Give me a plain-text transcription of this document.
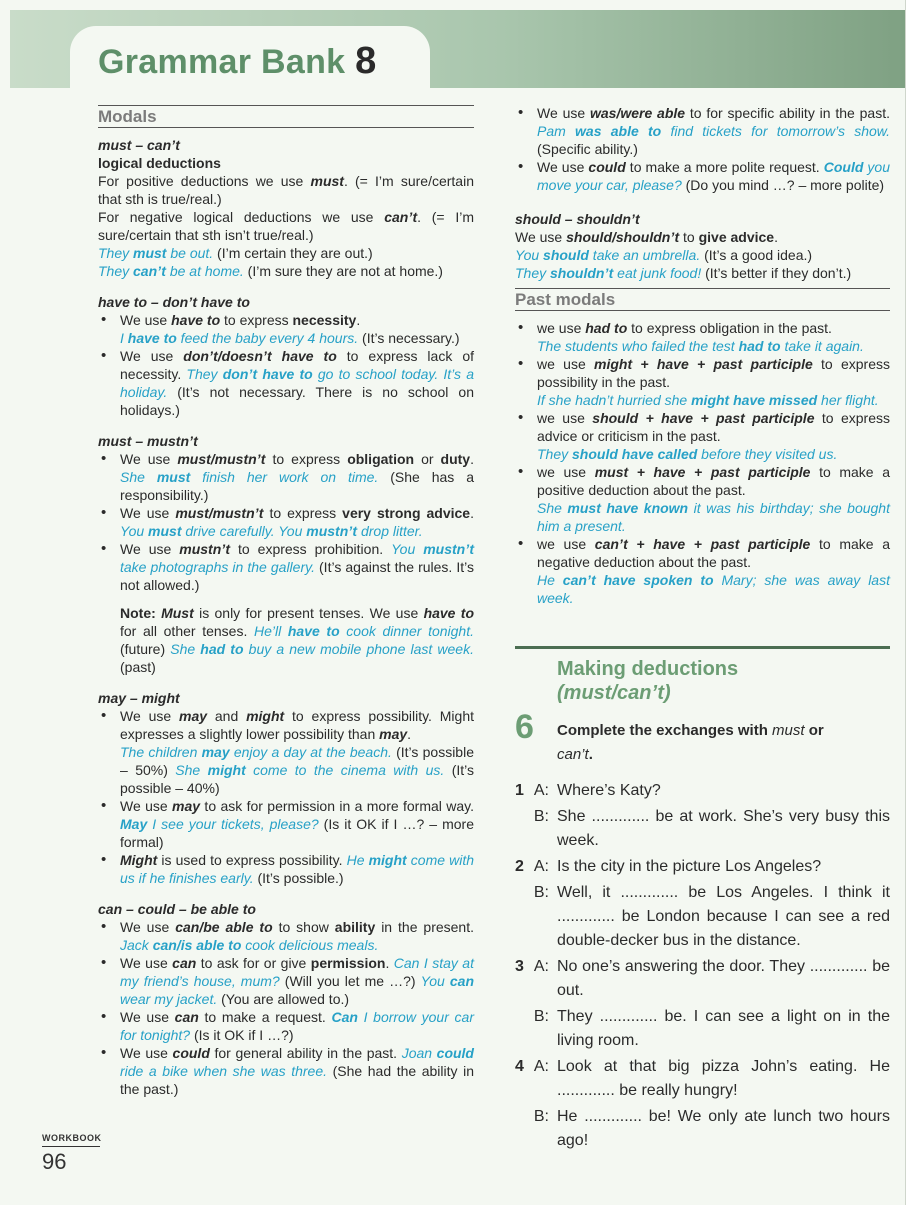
Grammar Bank 8
Modals
must – can’t
logical deductions

For positive deductions we use must. (= I’m sure/certain that sth is true/real.)

For negative logical deductions we use can’t. (= I’m sure/certain that sth isn’t true/real.)

They must be out. (I’m certain they are out.)

They can’t be at home. (I’m sure they are not at home.)

have to – don’t have to
• We use have to to express necessity.
I have to feed the baby every 4 hours. (It’s necessary.)
• We use don’t/doesn’t have to to express lack of necessity. They don’t have to go to school today. It’s a holiday. (It’s not necessary. There is no school on holidays.)
must – mustn’t
• We use must/mustn’t to express obligation or duty. She must finish her work on time. (She has a responsibility.)
• We use must/mustn’t to express very strong advice. You must drive carefully. You mustn’t drop litter.
• We use mustn’t to express prohibition. You mustn’t take photographs in the gallery. (It’s against the rules. It’s not allowed.)

Note: Must is only for present tenses. We use have to for all other tenses. He’ll have to cook dinner tonight. (future) She had to buy a new mobile phone last week. (past)

may – might
• We use may and might to express possibility. Might expresses a slightly lower possibility than may.
The children may enjoy a day at the beach. (It’s possible – 50%) She might come to the cinema with us. (It’s possible – 40%)
• We use may to ask for permission in a more formal way. May I see your tickets, please? (Is it OK if I …? – more formal)
• Might is used to express possibility. He might come with us if he finishes early. (It’s possible.)
can – could – be able to
• We use can/be able to to show ability in the present. Jack can/is able to cook delicious meals.
• We use can to ask for or give permission. Can I stay at my friend’s house, mum? (Will you let me …?) You can wear my jacket. (You are allowed to.)
• We use can to make a request. Can I borrow your car for tonight? (Is it OK if I …?)
• We use could for general ability in the past. Joan could ride a bike when she was three. (She had the ability in the past.)
• We use was/were able to for specific ability in the past. Pam was able to find tickets for tomorrow’s show. (Specific ability.)
• We use could to make a more polite request. Could you move your car, please? (Do you mind …? – more polite)
should – shouldn’t

We use should/shouldn’t to give advice.

You should take an umbrella. (It’s a good idea.)

They shouldn’t eat junk food! (It’s better if they don’t.)

Past modals
• we use had to to express obligation in the past.
The students who failed the test had to take it again.
• we use might + have + past participle to express possibility in the past.
If she hadn’t hurried she might have missed her flight.
• we use should + have + past participle to express advice or criticism in the past.
They should have called before they visited us.
• we use must + have + past participle to make a positive deduction about the past.
She must have known it was his birthday; she bought him a present.
• we use can’t + have + past participle to make a negative deduction about the past.
He can’t have spoken to Mary; she was away last week.
Making deductions
(must/can’t)
6 Complete the exchanges with must or
can’t.
1 A: Where’s Katy?
B: She ............. be at work. She’s very busy this week.
2 A: Is the city in the picture Los Angeles?
B: Well, it ............. be Los Angeles. I think it ............. be London because I can see a red double-decker bus in the distance.
3 A: No one’s answering the door. They ............. be out.
B: They ............. be. I can see a light on in the living room.
4 A: Look at that big pizza John’s eating. He ............. be really hungry!
B: He ............. be! We only ate lunch two hours ago!
WORKBOOK
96
